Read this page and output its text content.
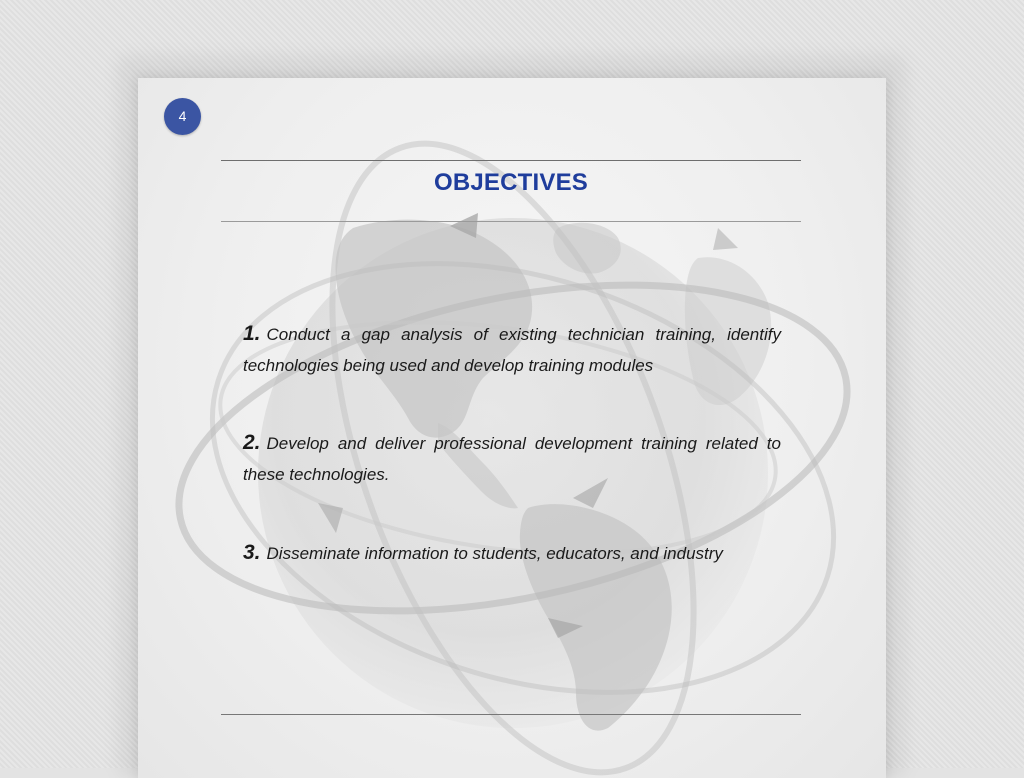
4
OBJECTIVES

1. Conduct a gap analysis of existing technician training, identify technologies being used and develop training modules

2. Develop and deliver professional development training related to these technologies.

3. Disseminate information to students, educators, and industry
